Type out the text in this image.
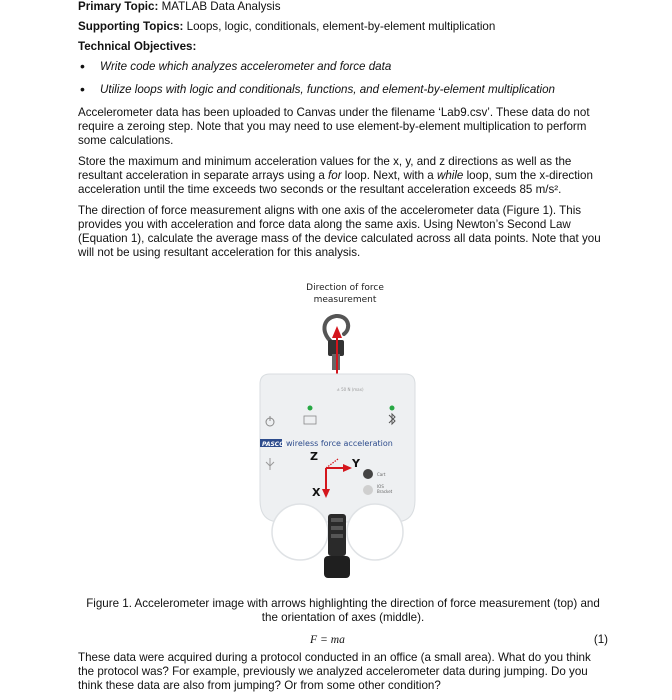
Primary Topic: MATLAB Data Analysis

Supporting Topics: Loops, logic, conditionals, element-by-element multiplication

Technical Objectives:

• Write code which analyzes accelerometer and force data
• Utilize loops with logic and conditionals, functions, and element-by-element multiplication

Accelerometer data has been uploaded to Canvas under the filename ‘Lab9.csv’. These data do not require a zeroing step. Note that you may need to use element-by-element multiplication to perform some calculations.

Store the maximum and minimum acceleration values for the x, y, and z directions as well as the resultant acceleration in separate arrays using a for loop. Next, with a while loop, sum the x-direction acceleration until the time exceeds two seconds or the resultant acceleration exceeds 85 m/s².

The direction of force measurement aligns with one axis of the accelerometer data (Figure 1). This provides you with acceleration and force data along the same axis. Using Newton’s Second Law (Equation 1), calculate the average mass of the device calculated across all data points. Note that you will not be using resultant acceleration for this analysis.

Direction of force
measurement
± 50 N (max)
PASCO wireless force acceleration
Z
Y
X
Cart
IOS
Bracket
Figure 1. Accelerometer image with arrows highlighting the direction of force measurement (top) and the orientation of axes (middle).
F = ma	(1)
These data were acquired during a protocol conducted in an office (a small area). What do you think the protocol was? For example, previously we analyzed accelerometer data during jumping. Do you think these data are also from jumping? Or from some other condition?
